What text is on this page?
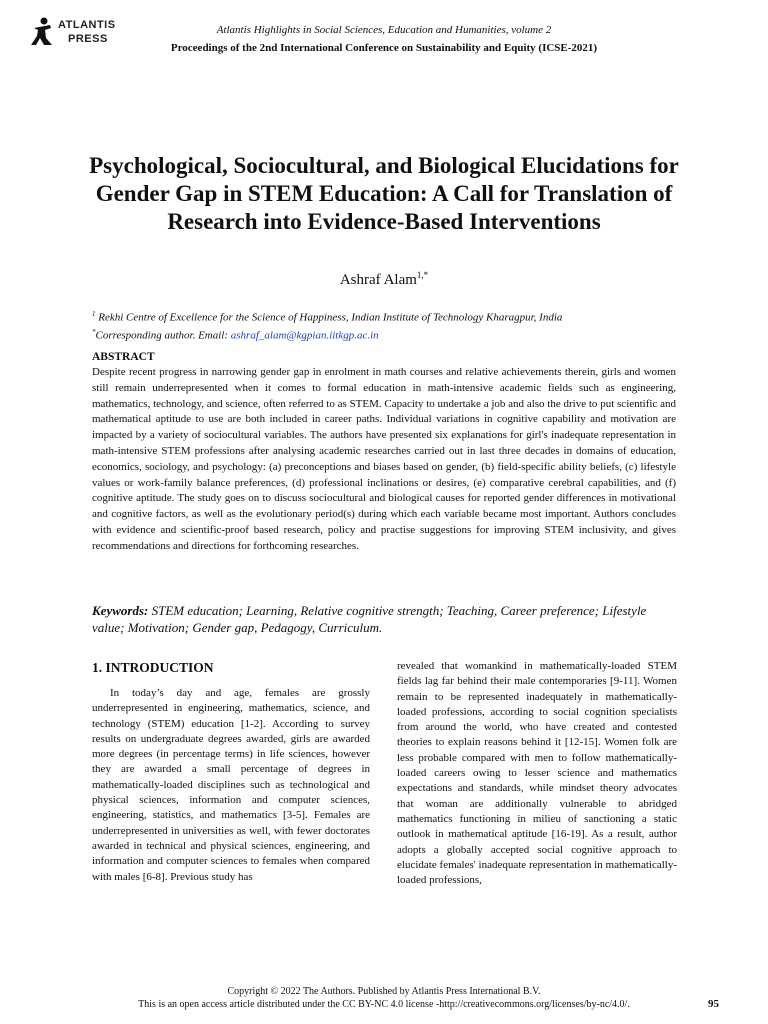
ATLANTIS
PRESS
Atlantis Highlights in Social Sciences, Education and Humanities, volume 2
Proceedings of the 2nd International Conference on Sustainability and Equity (ICSE-2021)
Psychological, Sociocultural, and Biological Elucidations for Gender Gap in STEM Education: A Call for Translation of Research into Evidence-Based Interventions
Ashraf Alam$^{1,*}$
$^1$ Rekhi Centre of Excellence for the Science of Happiness, Indian Institute of Technology Kharagpur, India
*Corresponding author. Email: ashraf_alam@kgpian.iitkgp.ac.in
ABSTRACT

Despite recent progress in narrowing gender gap in enrolment in math courses and relative achievements therein, girls and women still remain underrepresented when it comes to formal education in math-intensive academic fields such as engineering, mathematics, technology, and science, often referred to as STEM. Capacity to undertake a job and also the drive to put scientific and mathematical aptitude to use are both included in career paths. Individual variations in cognitive capability and motivation are impacted by a variety of sociocultural variables. The authors have presented six explanations for girl's inadequate representation in math-intensive STEM professions after analysing academic researches carried out in last three decades in domains of education, economics, sociology, and psychology: (a) preconceptions and biases based on gender, (b) field-specific ability beliefs, (c) lifestyle values or work-family balance preferences, (d) professional inclinations or desires, (e) comparative cerebral capabilities, and (f) cognitive aptitude. The study goes on to discuss sociocultural and biological causes for reported gender differences in motivational and cognitive factors, as well as the evolutionary period(s) during which each variable became most important. Authors concludes with evidence and scientific-proof based research, policy and practise suggestions for improving STEM inclusivity, and gives recommendations and directions for forthcoming researches.

Keywords: STEM education; Learning, Relative cognitive strength; Teaching, Career preference; Lifestyle value; Motivation; Gender gap, Pedagogy, Curriculum.

1. INTRODUCTION

In today’s day and age, females are grossly underrepresented in engineering, mathematics, science, and technology (STEM) education [1-2]. According to survey results on undergraduate degrees awarded, girls are awarded more degrees (in percentage terms) in life sciences, however they are awarded a small percentage of degrees in mathematically-loaded disciplines such as technological and physical sciences, information and computer sciences, engineering, statistics, and mathematics [3-5]. Females are underrepresented in universities as well, with fewer doctorates awarded in technical and physical sciences, engineering, and information and computer sciences to females when compared with males [6-8]. Previous study has

revealed that womankind in mathematically-loaded STEM fields lag far behind their male contemporaries [9-11]. Women remain to be represented inadequately in mathematically-loaded professions, according to social cognition specialists from around the world, who have created and contested theories to explain reasons behind it [12-15]. Women folk are less probable compared with men to follow mathematically-loaded careers owing to lesser science and mathematics expectations and standards, while mindset theory advocates that woman are additionally vulnerable to abridged mathematics functioning in milieu of sanctioning a static outlook in mathematical aptitude [16-19]. As a result, author adopts a globally accepted social cognitive approach to elucidate females' inadequate representation in mathematically-loaded professions,

Copyright © 2022 The Authors. Published by Atlantis Press International B.V.
This is an open access article distributed under the CC BY-NC 4.0 license -http://creativecommons.org/licenses/by-nc/4.0/.	95
